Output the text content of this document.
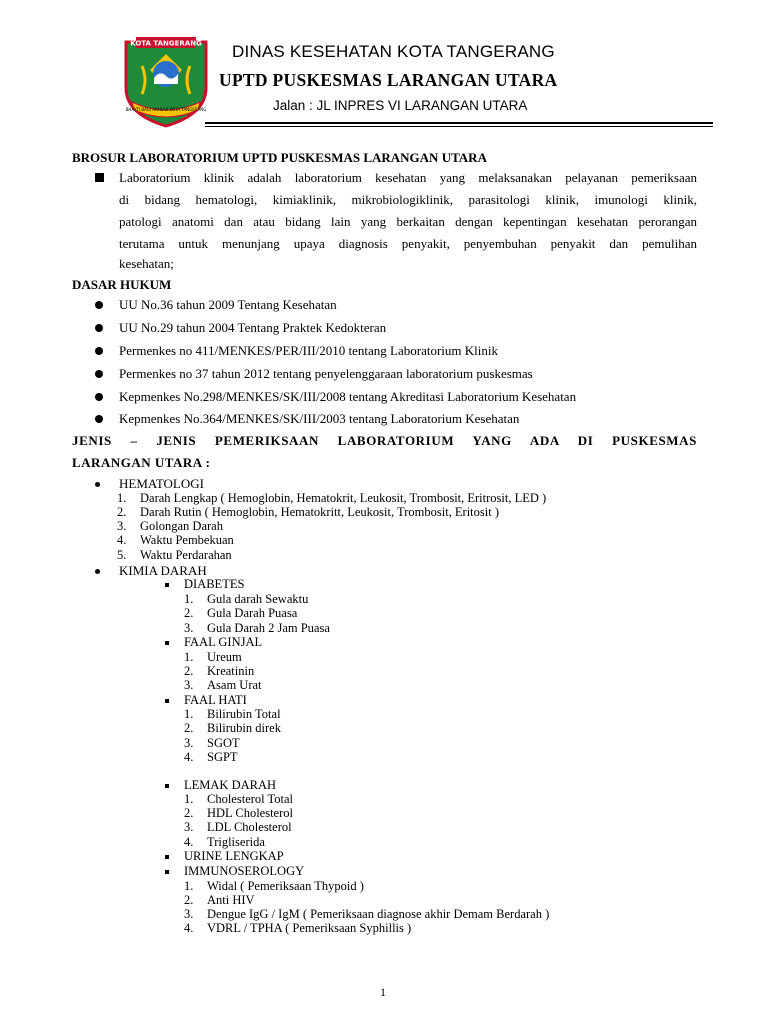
KOTA TANGERANG
BHAKTI BAGI AKHLAK KOTA TANGERANG
DINAS KESEHATAN KOTA TANGERANG
UPTD PUSKESMAS LARANGAN UTARA
Jalan : JL INPRES VI LARANGAN UTARA
BROSUR LABORATORIUM UPTD PUSKESMAS LARANGAN UTARA
Laboratorium klinik adalah laboratorium kesehatan yang melaksanakan pelayanan pemeriksaan
di bidang hematologi, kimiaklinik, mikrobiologiklinik, parasitologi klinik, imunologi klinik,
patologi anatomi dan atau bidang lain yang berkaitan dengan kepentingan kesehatan perorangan
terutama untuk menunjang upaya diagnosis penyakit, penyembuhan penyakit dan pemulihan
kesehatan;
DASAR HUKUM
UU No.36 tahun 2009 Tentang Kesehatan
UU No.29 tahun 2004 Tentang Praktek Kedokteran
Permenkes no 411/MENKES/PER/III/2010 tentang Laboratorium Klinik
Permenkes no 37 tahun 2012 tentang penyelenggaraan laboratorium puskesmas
Kepmenkes No.298/MENKES/SK/III/2008 tentang Akreditasi Laboratorium Kesehatan
Kepmenkes No.364/MENKES/SK/III/2003 tentang Laboratorium Kesehatan
JENIS – JENIS PEMERIKSAAN LABORATORIUM YANG ADA DI PUSKESMAS
LARANGAN UTARA :
HEMATOLOGI
1. Darah Lengkap ( Hemoglobin, Hematokrit, Leukosit, Trombosit, Eritrosit, LED )
2. Darah Rutin ( Hemoglobin, Hematokritt, Leukosit, Trombosit, Eritosit )
3. Golongan Darah
4. Waktu Pembekuan
5. Waktu Perdarahan
KIMIA DARAH
DIABETES
1. Gula darah Sewaktu
2. Gula Darah Puasa
3. Gula Darah 2 Jam Puasa
FAAL GINJAL
1. Ureum
2. Kreatinin
3. Asam Urat
FAAL HATI
1. Bilirubin Total
2. Bilirubin direk
3. SGOT
4. SGPT
LEMAK DARAH
1. Cholesterol Total
2. HDL Cholesterol
3. LDL Cholesterol
4. Trigliserida
URINE LENGKAP
IMMUNOSEROLOGY
1. Widal ( Pemeriksaan Thypoid )
2. Anti HIV
3. Dengue IgG / IgM ( Pemeriksaan diagnose akhir Demam Berdarah )
4. VDRL / TPHA ( Pemeriksaan Syphillis )
1
